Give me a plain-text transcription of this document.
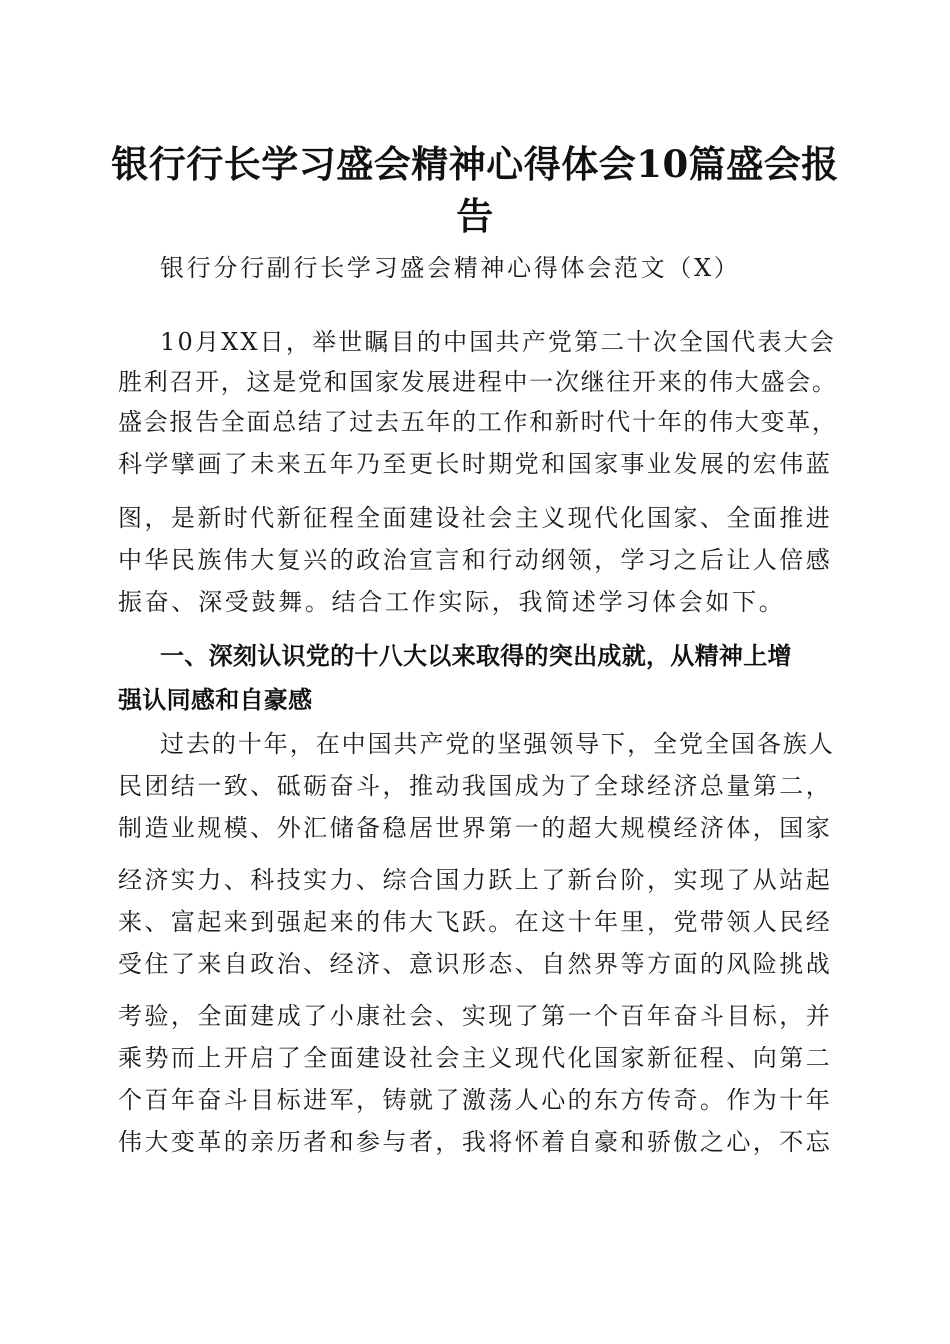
银行行长学习盛会精神心得体会10篇盛会报告
银行分行副行长学习盛会精神心得体会范文（X）
10月XX日，举世瞩目的中国共产党第二十次全国代表大会
胜利召开，这是党和国家发展进程中一次继往开来的伟大盛会。
盛会报告全面总结了过去五年的工作和新时代十年的伟大变革，
科学擘画了未来五年乃至更长时期党和国家事业发展的宏伟蓝
图，是新时代新征程全面建设社会主义现代化国家、全面推进
中华民族伟大复兴的政治宣言和行动纲领，学习之后让人倍感
振奋、深受鼓舞。结合工作实际，我简述学习体会如下。
一、深刻认识党的十八大以来取得的突出成就，从精神上增
强认同感和自豪感
过去的十年，在中国共产党的坚强领导下，全党全国各族人
民团结一致、砥砺奋斗，推动我国成为了全球经济总量第二，
制造业规模、外汇储备稳居世界第一的超大规模经济体，国家
经济实力、科技实力、综合国力跃上了新台阶，实现了从站起
来、富起来到强起来的伟大飞跃。在这十年里，党带领人民经
受住了来自政治、经济、意识形态、自然界等方面的风险挑战
考验，全面建成了小康社会、实现了第一个百年奋斗目标，并
乘势而上开启了全面建设社会主义现代化国家新征程、向第二
个百年奋斗目标进军，铸就了激荡人心的东方传奇。作为十年
伟大变革的亲历者和参与者，我将怀着自豪和骄傲之心，不忘
